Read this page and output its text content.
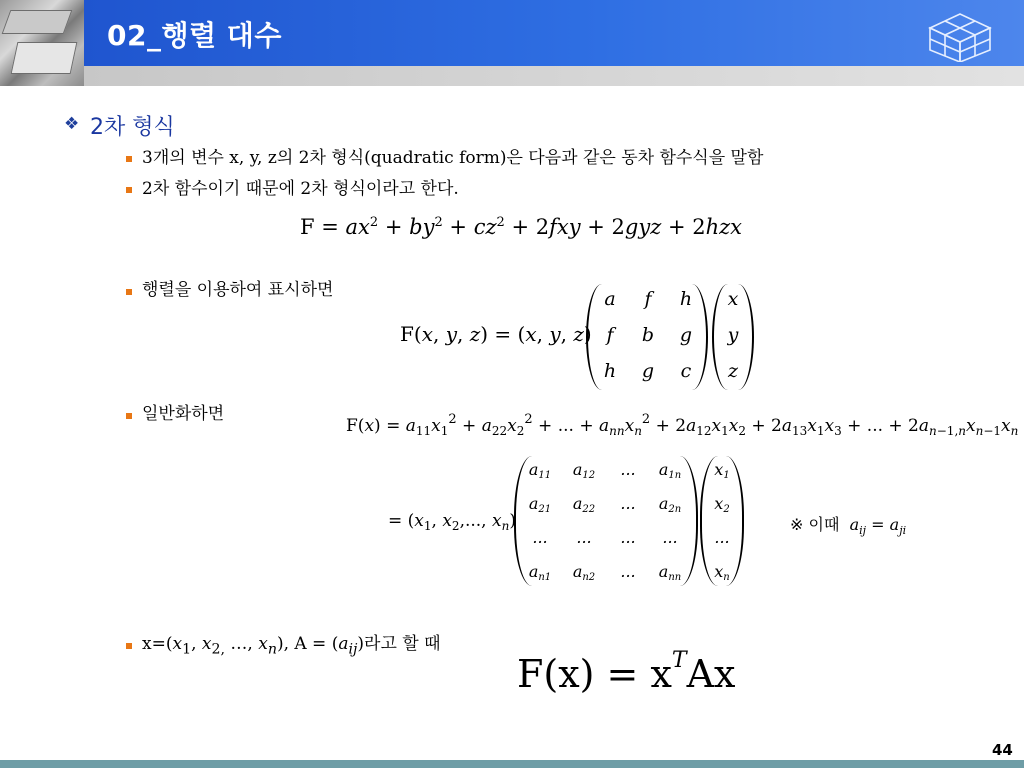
02_행렬 대수
❖ 2차 형식
3개의 변수 x, y, z의 2차 형식(quadratic form)은 다음과 같은 동차 함수식을 말함
2차 함수이기 때문에 2차 형식이라고 한다.
$F = ax^2 + by^2 + cz^2 + 2fxy + 2gyz + 2hzx$
행렬을 이용하여 표시하면
F(x, y, z) = (x, y, z)
a	f	h
f	b	g
h	g	c
x
y
z
일반화하면
$F(x) = a_{11}x_1^2 + a_{22}x_2^2$ + ... + $a_{nn}x_n^2 + 2a_{12}x_1x_2 + 2a_{13}x_1x_3$ + ... + $2a_{n-1,n}x_{n-1}x_n$
= ($x_1$, $x_2$,..., $x_n$)
$a_{11}$	$a_{12}$	...	$a_{1n}$
$a_{21}$	$a_{22}$	...	$a_{2n}$
...	...	...	...
$a_{n1}$	$a_{n2}$	...	$a_{nn}$
$x_1$
$x_2$
...
$x_n$
※ 이때 $a_{ij} = a_{ji}$
$x=(x_1$, $x_{2,}$ …, $x_n$), $A = (a_{ij})$라고 할 때
$F(x) = x^TAx$
44
